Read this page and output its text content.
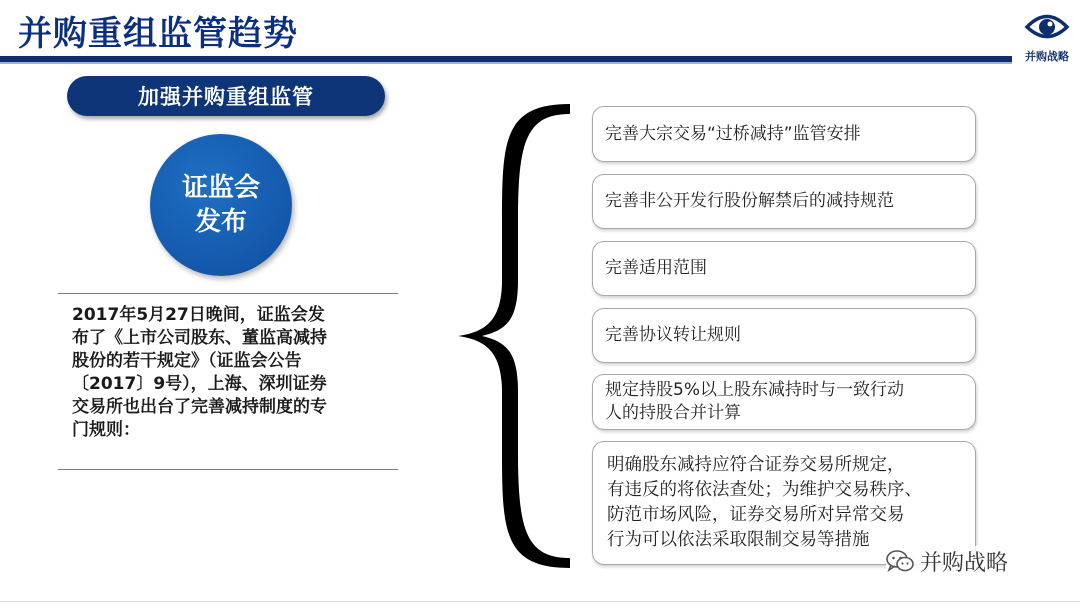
并购重组监管趋势
并购战略
加强并购重组监管
证监会
发布
2017年5月27日晚间，证监会发
布了《上市公司股东、董监高减持
股份的若干规定》（证监会公告
〔2017〕9号），上海、深圳证券
交易所也出台了完善减持制度的专
门规则：
完善大宗交易“过桥减持”监管安排
完善非公开发行股份解禁后的减持规范
完善适用范围
完善协议转让规则
规定持股5%以上股东减持时与一致行动
人的持股合并计算
明确股东减持应符合证券交易所规定，
有违反的将依法查处；为维护交易秩序、
防范市场风险，证券交易所对异常交易
行为可以依法采取限制交易等措施
并购战略
